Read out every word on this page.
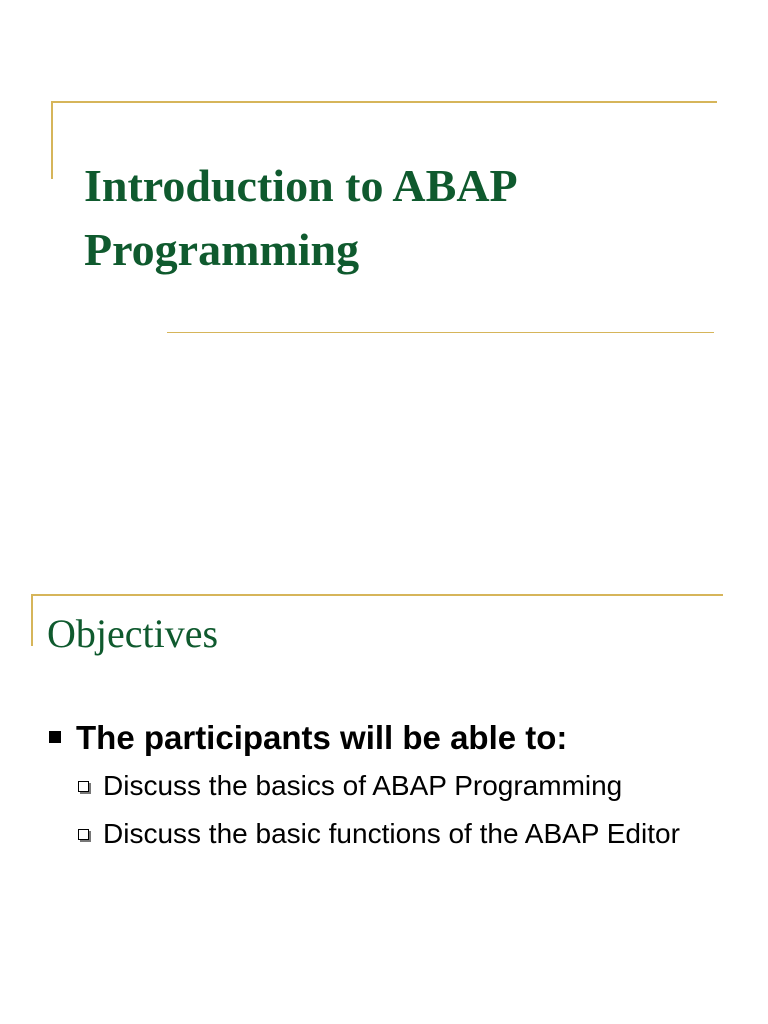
Introduction to ABAP
Programming
Objectives

The participants will be able to:

Discuss the basics of ABAP Programming

Discuss the basic functions of the ABAP Editor
